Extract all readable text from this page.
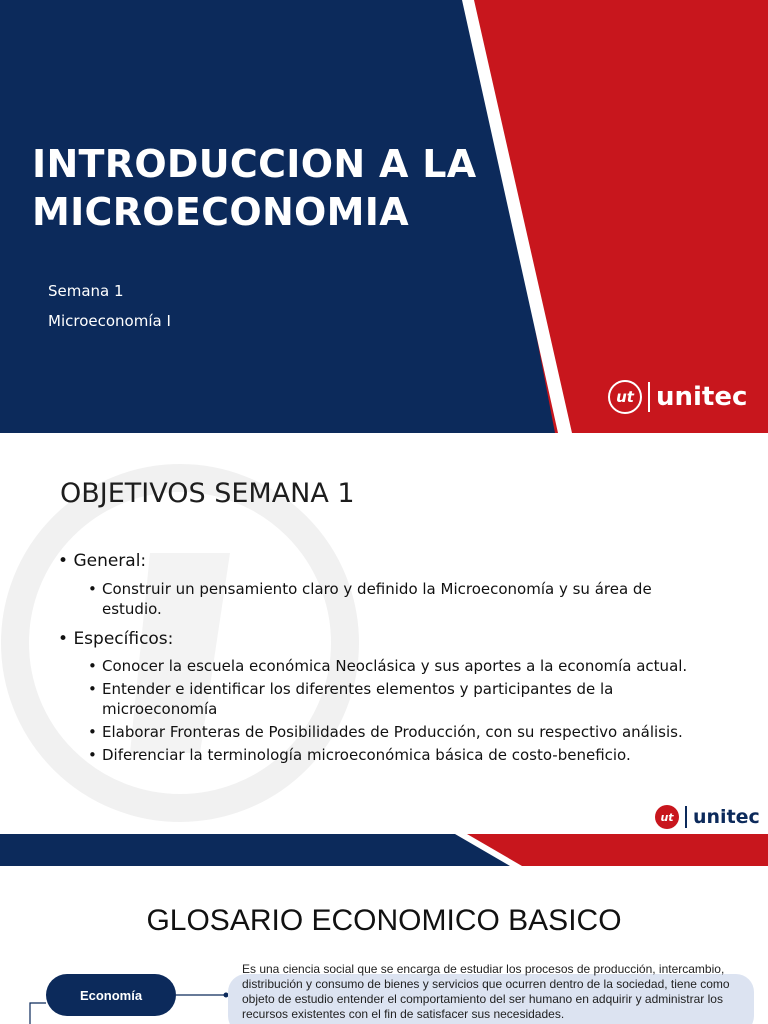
INTRODUCCION A LA
MICROECONOMIA
Semana 1
Microeconomía I
ut unitec
ut unitec
OBJETIVOS SEMANA 1
• General:
• Construir un pensamiento claro y definido la Microeconomía y su área de estudio.
• Específicos:
• Conocer la escuela económica Neoclásica y sus aportes a la economía actual.
• Entender e identificar los diferentes elementos y participantes de la microeconomía
• Elaborar Fronteras de Posibilidades de Producción, con su respectivo análisis.
• Diferenciar la terminología microeconómica básica de costo-beneficio.
GLOSARIO ECONOMICO BASICO
Economía
Es una ciencia social que se encarga de estudiar los procesos de producción, intercambio, distribución y consumo de bienes y servicios que ocurren dentro de la sociedad, tiene como objeto de estudio entender el comportamiento del ser humano en adquirir y administrar los recursos existentes con el fin de satisfacer sus necesidades.
